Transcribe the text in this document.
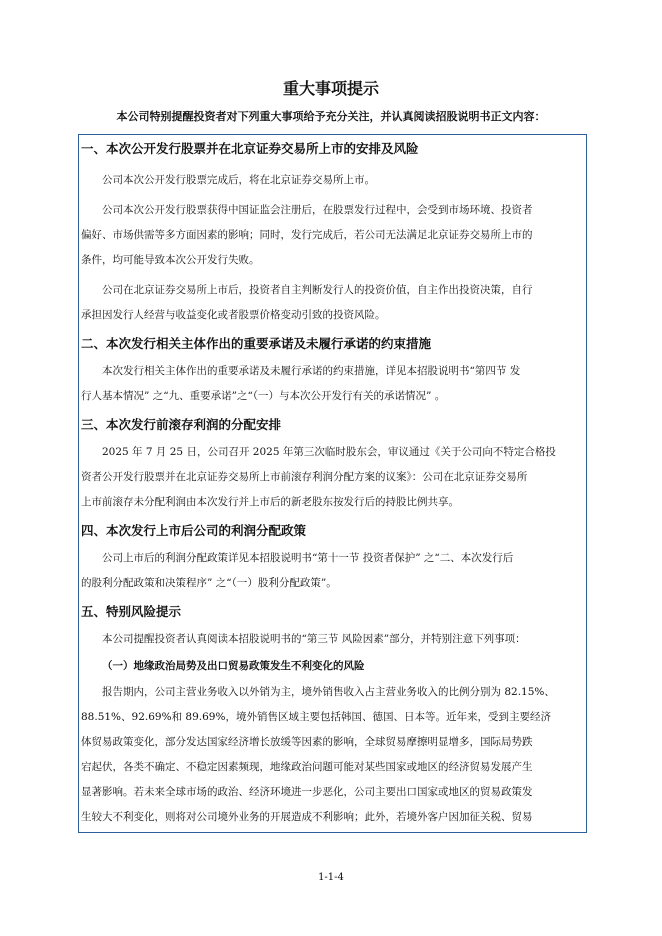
重大事项提示
本公司特别提醒投资者对下列重大事项给予充分关注，并认真阅读招股说明书正文内容：
一、本次公开发行股票并在北京证券交易所上市的安排及风险
公司本次公开发行股票完成后，将在北京证券交易所上市。
公司本次公开发行股票获得中国证监会注册后，在股票发行过程中，会受到市场环境、投资者
偏好、市场供需等多方面因素的影响；同时，发行完成后，若公司无法满足北京证券交易所上市的
条件，均可能导致本次公开发行失败。
公司在北京证券交易所上市后，投资者自主判断发行人的投资价值，自主作出投资决策，自行
承担因发行人经营与收益变化或者股票价格变动引致的投资风险。
二、本次发行相关主体作出的重要承诺及未履行承诺的约束措施
本次发行相关主体作出的重要承诺及未履行承诺的约束措施，详见本招股说明书“第四节 发
行人基本情况” 之“九、重要承诺”之“（一）与本次公开发行有关的承诺情况” 。
三、本次发行前滚存利润的分配安排
2025 年 7 月 25 日，公司召开 2025 年第三次临时股东会，审议通过《关于公司向不特定合格投
资者公开发行股票并在北京证券交易所上市前滚存利润分配方案的议案》：公司在北京证券交易所
上市前滚存未分配利润由本次发行并上市后的新老股东按发行后的持股比例共享。
四、本次发行上市后公司的利润分配政策
公司上市后的利润分配政策详见本招股说明书“第十一节 投资者保护” 之“二、本次发行后
的股利分配政策和决策程序” 之“（一）股利分配政策”。
五、特别风险提示
本公司提醒投资者认真阅读本招股说明书的“第三节 风险因素”部分，并特别注意下列事项：
（一）地缘政治局势及出口贸易政策发生不利变化的风险
报告期内，公司主营业务收入以外销为主，境外销售收入占主营业务收入的比例分别为 82.15%、
88.51%、92.69%和 89.69%，境外销售区域主要包括韩国、德国、日本等。近年来，受到主要经济
体贸易政策变化，部分发达国家经济增长放缓等因素的影响，全球贸易摩擦明显增多，国际局势跌
宕起伏，各类不确定、不稳定因素频现，地缘政治问题可能对某些国家或地区的经济贸易发展产生
显著影响。若未来全球市场的政治、经济环境进一步恶化，公司主要出口国家或地区的贸易政策发
生较大不利变化，则将对公司境外业务的开展造成不利影响；此外，若境外客户因加征关税、贸易
1-1-4
